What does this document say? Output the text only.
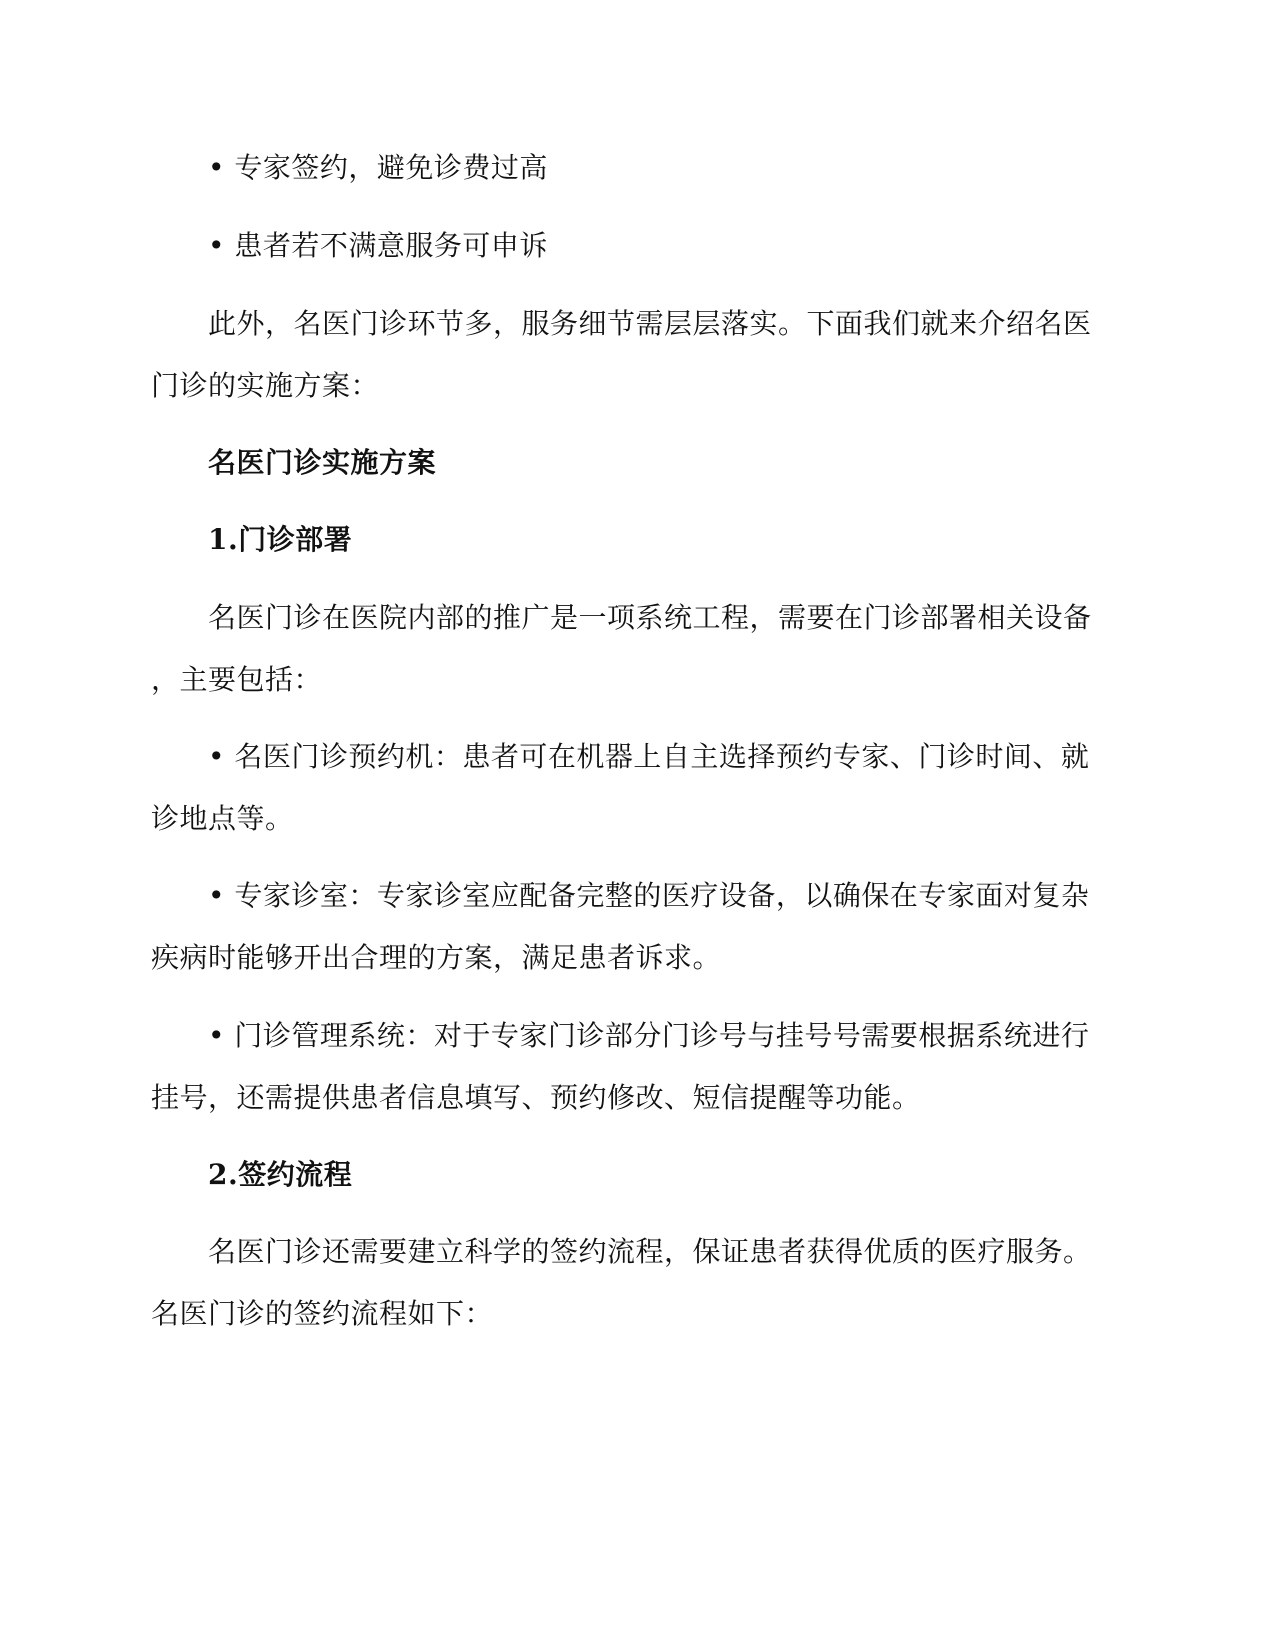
• 专家签约，避免诊费过高
• 患者若不满意服务可申诉
此外，名医门诊环节多，服务细节需层层落实。下面我们就来介绍名医
门诊的实施方案：
名医门诊实施方案
1.门诊部署
名医门诊在医院内部的推广是一项系统工程，需要在门诊部署相关设备
，主要包括：
• 名医门诊预约机：患者可在机器上自主选择预约专家、门诊时间、就
诊地点等。
• 专家诊室：专家诊室应配备完整的医疗设备，以确保在专家面对复杂
疾病时能够开出合理的方案，满足患者诉求。
• 门诊管理系统：对于专家门诊部分门诊号与挂号号需要根据系统进行
挂号，还需提供患者信息填写、预约修改、短信提醒等功能。
2.签约流程
名医门诊还需要建立科学的签约流程，保证患者获得优质的医疗服务。
名医门诊的签约流程如下：
